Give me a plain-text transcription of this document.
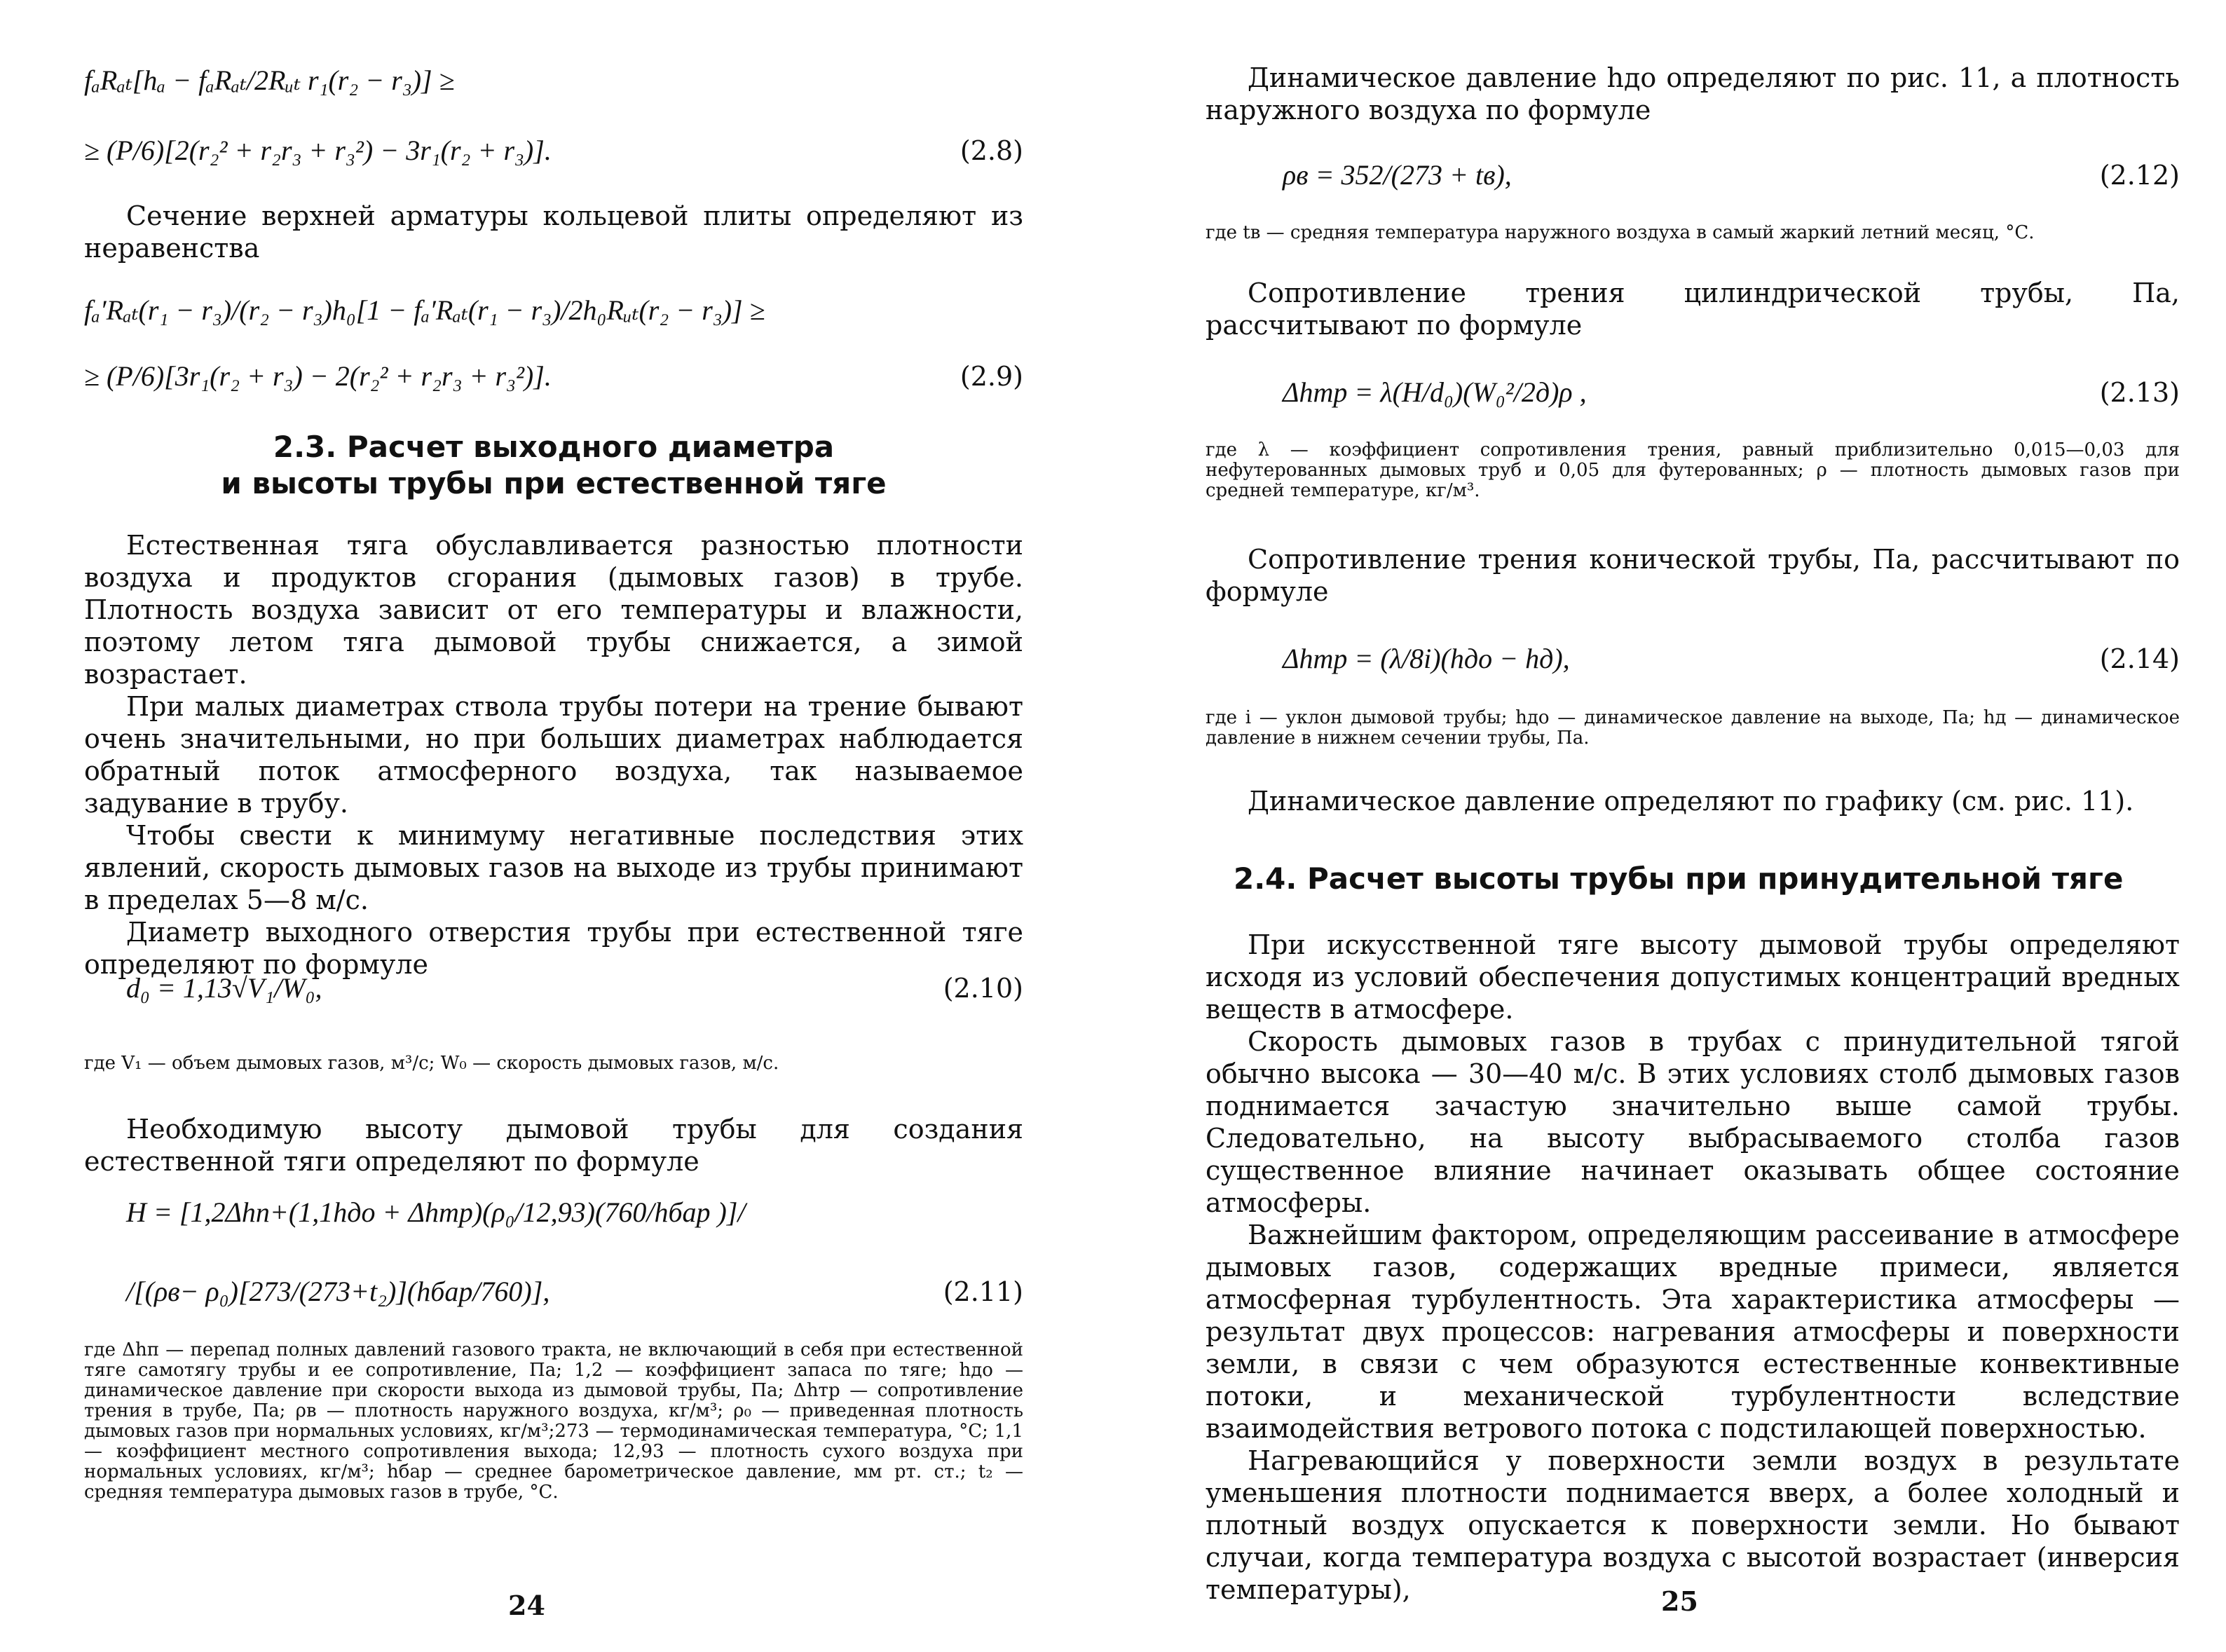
fₐRₐₜ[hₐ − fₐRₐₜ/2Rᵤₜ r₁(r₂ − r₃)] ≥
≥ (P/6)[2(r₂² + r₂r₃ + r₃²) − 3r₁(r₂ + r₃)].	(2.8)

Сечение верхней арматуры кольцевой плиты определяют из неравенства

fₐ′Rₐₜ(r₁ − r₃)/(r₂ − r₃)h₀[1 − fₐ′Rₐₜ(r₁ − r₃)/2h₀Rᵤₜ(r₂ − r₃)] ≥
≥ (P/6)[3r₁(r₂ + r₃) − 2(r₂² + r₂r₃ + r₃²)].	(2.9)

2.3. Расчет выходного диаметра

и высоты трубы при естественной тяге

Естественная тяга обуславливается разностью плотности воздуха и продуктов сгорания (дымовых газов) в трубе. Плотность воздуха зависит от его температуры и влажности, поэтому летом тяга дымовой трубы снижается, а зимой возрастает.

При малых диаметрах ствола трубы потери на трение бывают очень значительными, но при больших диаметрах наблюдается обратный поток атмосферного воздуха, так называемое задувание в трубу.

Чтобы свести к минимуму негативные последствия этих явлений, скорость дымовых газов на выходе из трубы принимают в пределах 5—8 м/с.

Диаметр выходного отверстия трубы при естественной тяге определяют по формуле

d₀ = 1,13√V₁/W₀,	(2.10)

где V₁ — объем дымовых газов, м³/с; W₀ — скорость дымовых газов, м/с.

Необходимую высоту дымовой трубы для создания естественной тяги определяют по формуле

H = [1,2Δhп+(1,1hдо + Δhтр)(ρ₀/12,93)(760/hбар )]/
/[(ρв− ρ₀)[273/(273+t₂)](hбар/760)],	(2.11)

где Δhп — перепад полных давлений газового тракта, не включающий в себя при естественной тяге самотягу трубы и ее сопротивление, Па; 1,2 — коэффициент запаса по тяге; hдо — динамическое давление при скорости выхода из дымовой трубы, Па; Δhтр — сопротивление трения в трубе, Па; ρв — плотность наружного воздуха, кг/м³; ρ₀ — приведенная плотность дымовых газов при нормальных условиях, кг/м³;273 — термодинамическая температура, °С; 1,1 — коэффициент местного сопротивления выхода; 12,93 — плотность сухого воздуха при нормальных условиях, кг/м³; hбар — среднее барометрическое давление, мм рт. ст.; t₂ — средняя температура дымовых газов в трубе, °С.

24

Динамическое давление hдо определяют по рис. 11, а плотность наружного воздуха по формуле

ρв = 352/(273 + tв),	(2.12)

где tв — средняя температура наружного воздуха в самый жаркий летний месяц, °С.

Сопротивление трения цилиндрической трубы, Па, рассчитывают по формуле

Δhтр = λ(H/d₀)(W₀²/2д)ρ ,	(2.13)

где λ — коэффициент сопротивления трения, равный приблизительно 0,015—0,03 для нефутерованных дымовых труб и 0,05 для футерованных; ρ — плотность дымовых газов при средней температуре, кг/м³.

Сопротивление трения конической трубы, Па, рассчитывают по формуле

Δhтр = (λ/8i)(hдо − hд),	(2.14)

где i — уклон дымовой трубы; hдо — динамическое давление на выходе, Па; hд — динамическое давление в нижнем сечении трубы, Па.

Динамическое давление определяют по графику (см. рис. 11).

2.4. Расчет высоты трубы при принудительной тяге

При искусственной тяге высоту дымовой трубы определяют исходя из условий обеспечения допустимых концентраций вредных веществ в атмосфере.

Скорость дымовых газов в трубах с принудительной тягой обычно высока — 30—40 м/с. В этих условиях столб дымовых газов поднимается зачастую значительно выше самой трубы. Следовательно, на высоту выбрасываемого столба газов существенное влияние начинает оказывать общее состояние атмосферы.

Важнейшим фактором, определяющим рассеивание в атмосфере дымовых газов, содержащих вредные примеси, является атмосферная турбулентность. Эта характеристика атмосферы — результат двух процессов: нагревания атмосферы и поверхности земли, в связи с чем образуются естественные конвективные потоки, и механической турбулентности вследствие взаимодействия ветрового потока с подстилающей поверхностью.

Нагревающийся у поверхности земли воздух в результате уменьшения плотности поднимается вверх, а более холодный и плотный воздух опускается к поверхности земли. Но бывают случаи, когда температура воздуха с высотой возрастает (инверсия температуры),	25
